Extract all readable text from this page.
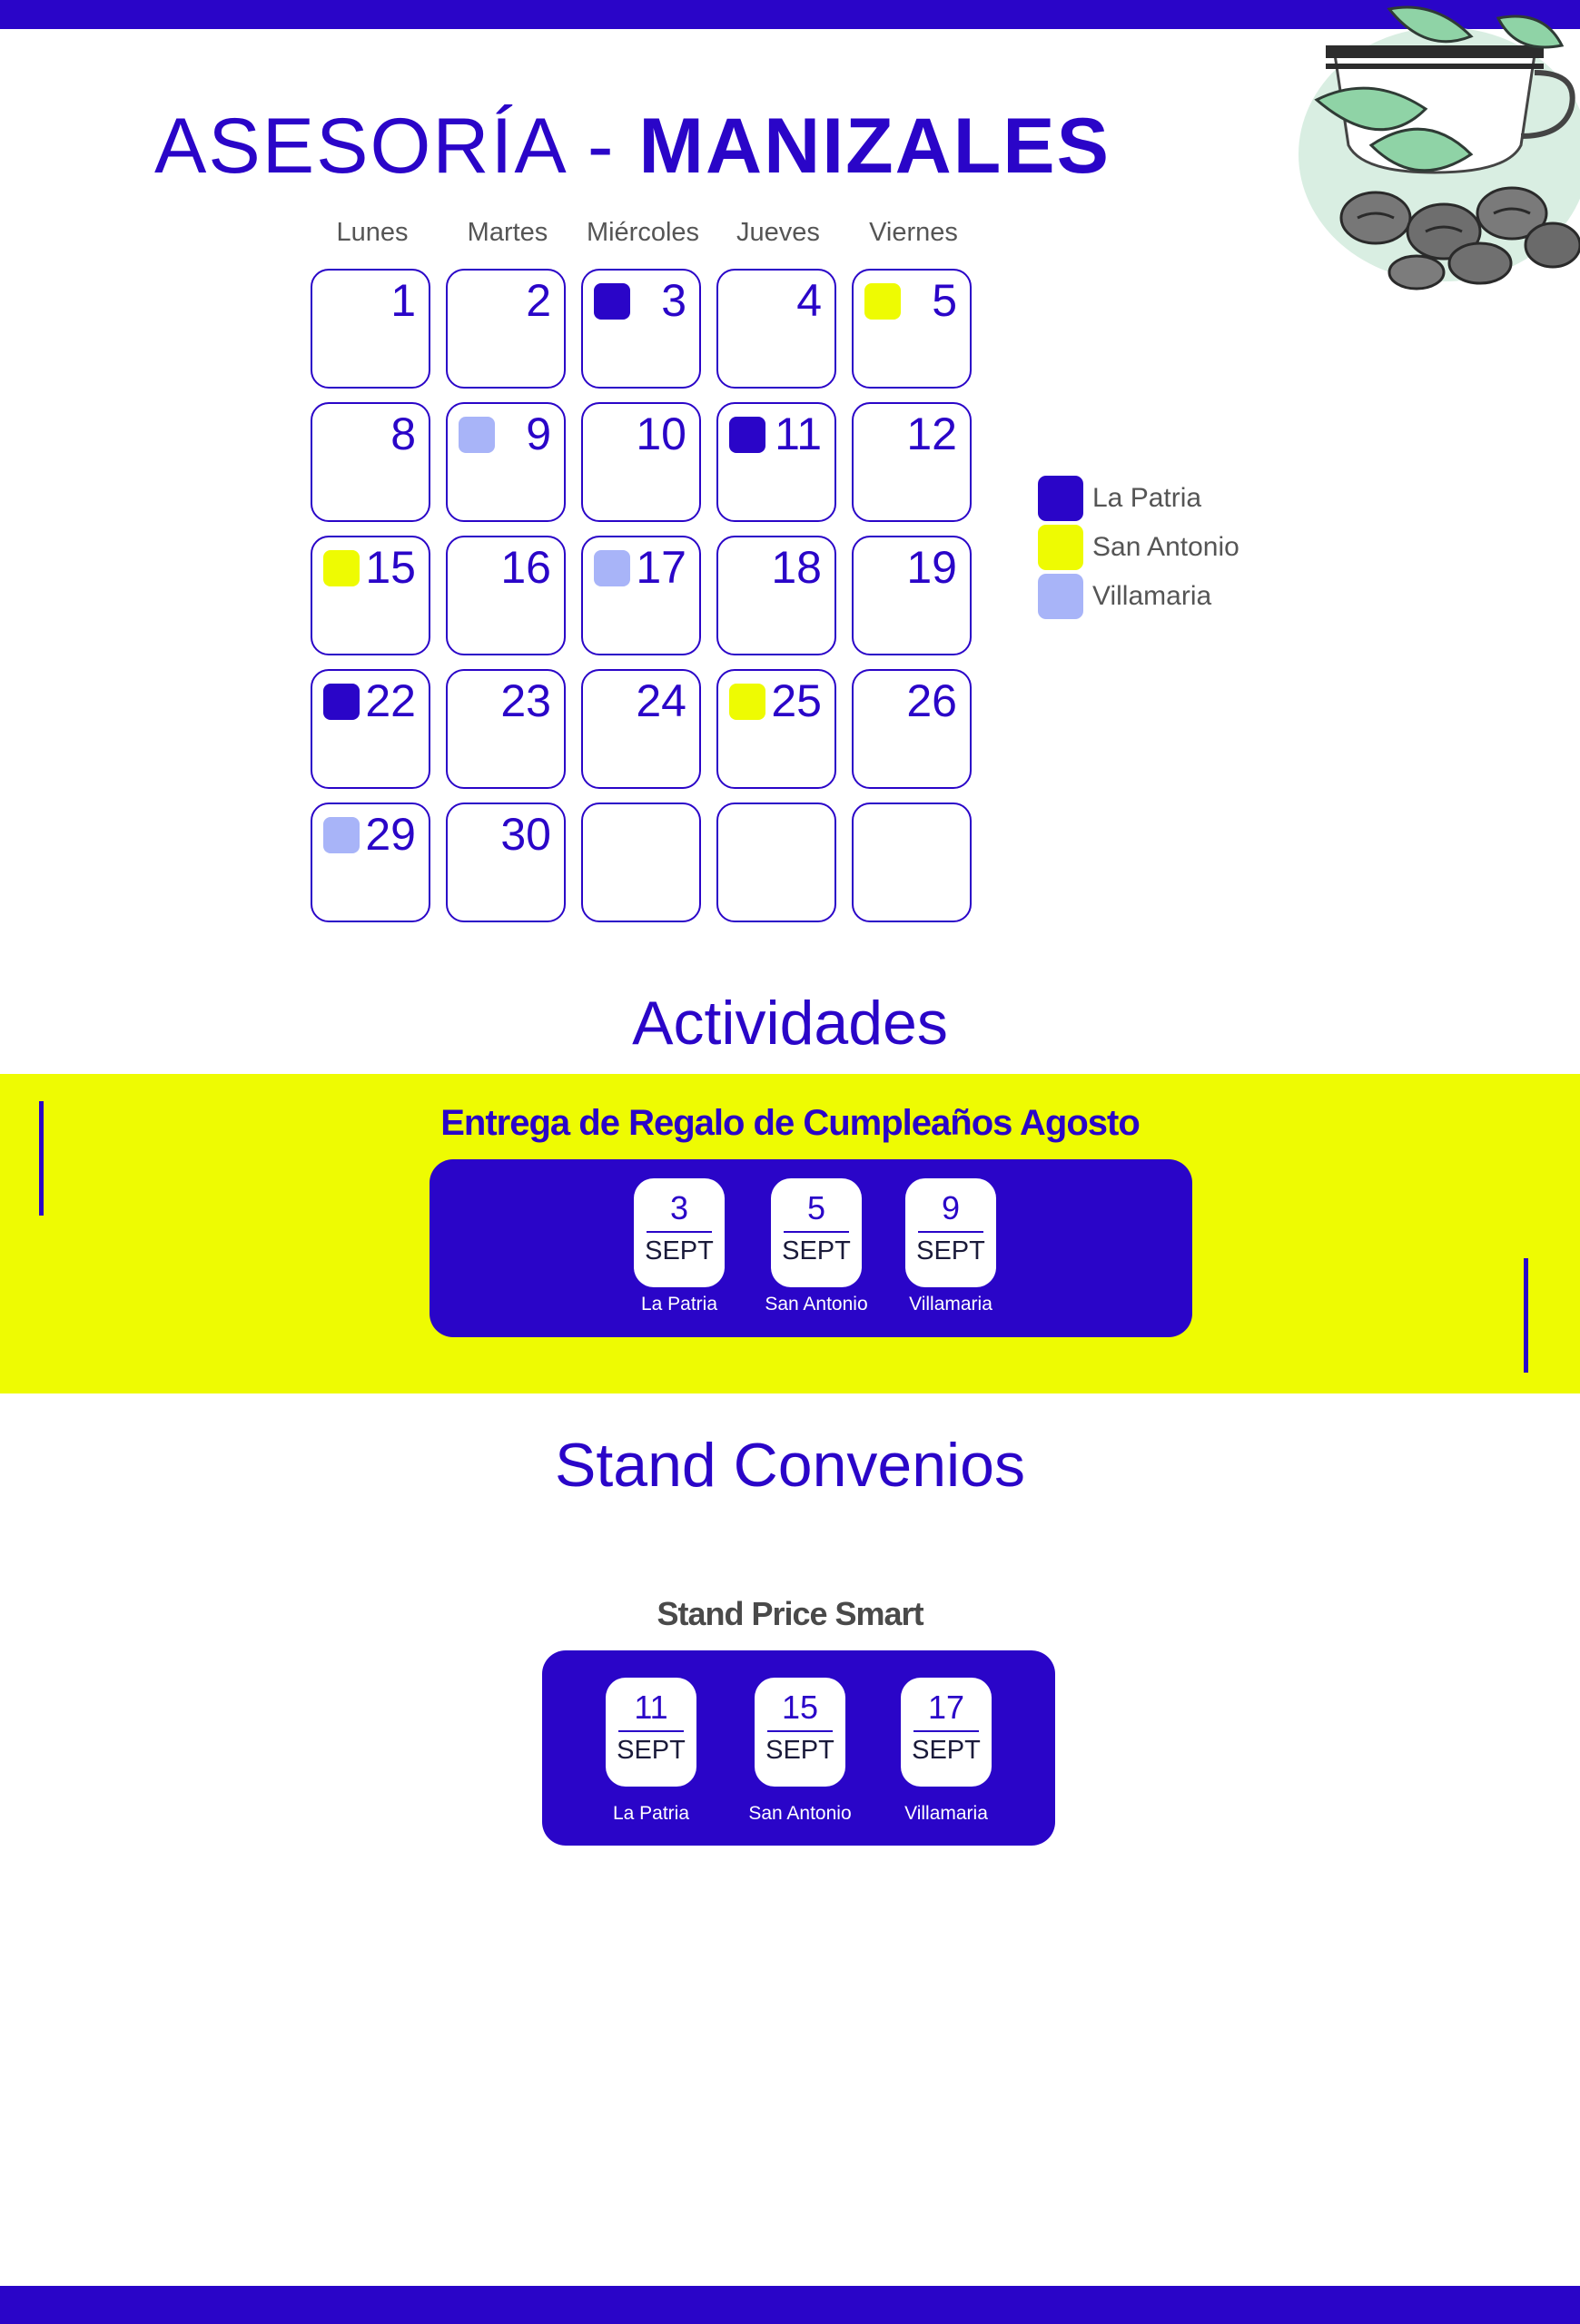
ASESORÍA - MANIZALES
Lunes	Martes	Miércoles	Jueves	Viernes
1 2 3 4 5
8 9 10 11 12
15 16 17 18 19
22 23 24 25 26
29 30
La Patria
San Antonio
Villamaria
Actividades
Entrega de Regalo de Cumpleaños Agosto
3
SEPT
La Patria
5
SEPT
San Antonio
9
SEPT
Villamaria
Stand Convenios
Stand Price Smart
11
SEPT
La Patria
15
SEPT
San Antonio
17
SEPT
Villamaria
